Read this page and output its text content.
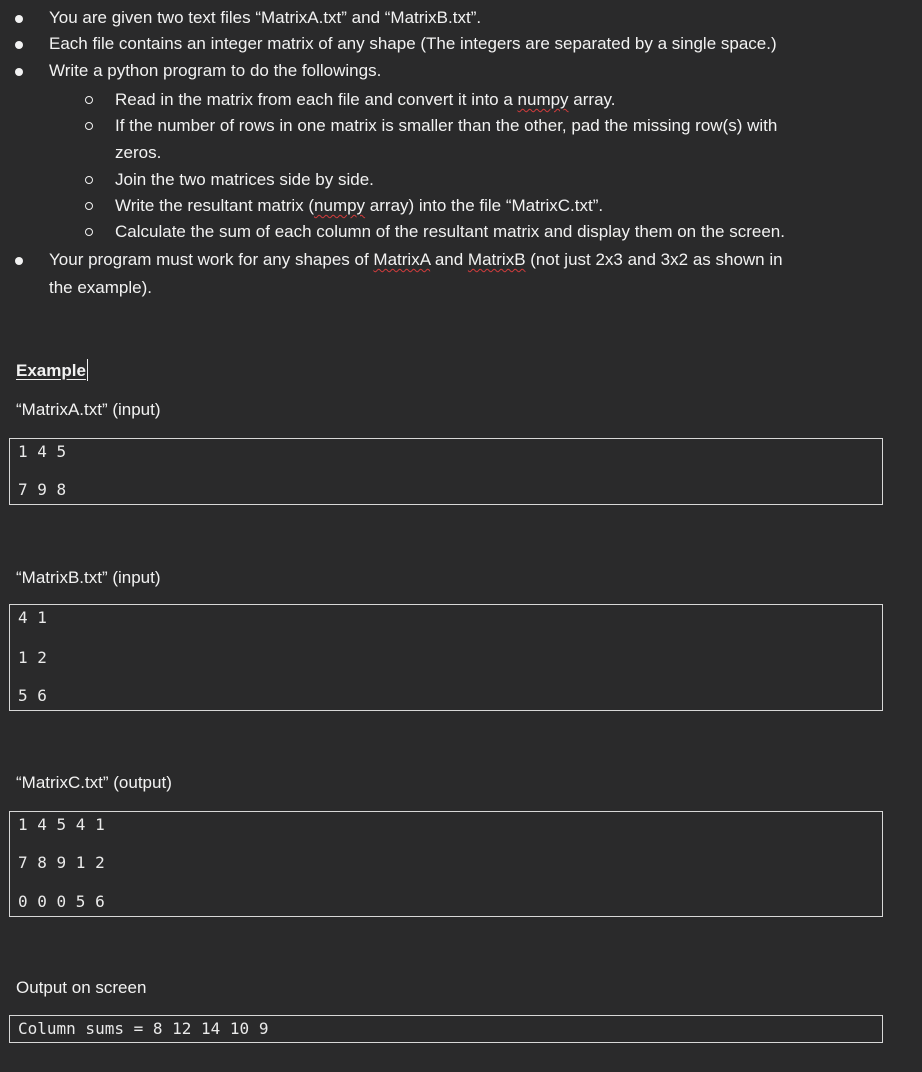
You are given two text files “MatrixA.txt” and “MatrixB.txt”.
Each file contains an integer matrix of any shape (The integers are separated by a single space.)
Write a python program to do the followings.
Read in the matrix from each file and convert it into a numpy array.
If the number of rows in one matrix is smaller than the other, pad the missing row(s) with
zeros.
Join the two matrices side by side.
Write the resultant matrix (numpy array) into the file “MatrixC.txt”.
Calculate the sum of each column of the resultant matrix and display them on the screen.
Your program must work for any shapes of MatrixA and MatrixB (not just 2x3 and 3x2 as shown in
the example).
Example
“MatrixA.txt” (input)
1 4 5
7 9 8
“MatrixB.txt” (input)
4 1
1 2
5 6
“MatrixC.txt” (output)
1 4 5 4 1
7 8 9 1 2
0 0 0 5 6
Output on screen
Column sums = 8 12 14 10 9
